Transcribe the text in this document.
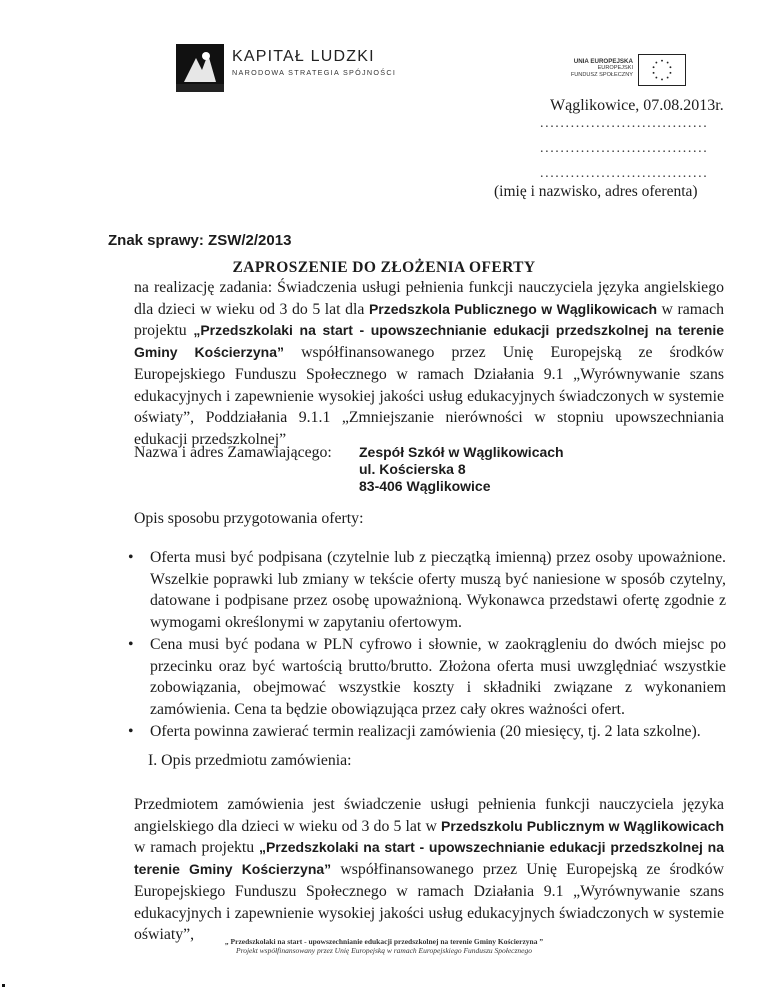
KAPITAŁ LUDZKI
NARODOWA STRATEGIA SPÓJNOŚCI
UNIA EUROPEJSKA
EUROPEJSKI
FUNDUSZ SPOŁECZNY
Wąglikowice, 07.08.2013r.
.................................
.................................
.................................
(imię i nazwisko, adres oferenta)
Znak sprawy: ZSW/2/2013
ZAPROSZENIE DO ZŁOŻENIA OFERTY
na realizację zadania: Świadczenia usługi pełnienia funkcji nauczyciela języka angielskiego dla dzieci w wieku od 3 do 5 lat dla Przedszkola Publicznego w Wąglikowicach w ramach projektu „Przedszkolaki na start - upowszechnianie edukacji przedszkolnej na terenie Gminy Kościerzyna” współfinansowanego przez Unię Europejską ze środków Europejskiego Funduszu Społecznego w ramach Działania 9.1 „Wyrównywanie szans edukacyjnych i zapewnienie wysokiej jakości usług edukacyjnych świadczonych w systemie oświaty”, Poddziałania 9.1.1 „Zmniejszanie nierówności w stopniu upowszechniania edukacji przedszkolnej”
Nazwa i adres Zamawiającego: Zespół Szkół w Wąglikowicach
ul. Kościerska 8
83-406 Wąglikowice
Opis sposobu przygotowania oferty:
• Oferta musi być podpisana (czytelnie lub z pieczątką imienną) przez osoby upoważnione. Wszelkie poprawki lub zmiany w tekście oferty muszą być naniesione w sposób czytelny, datowane i podpisane przez osobę upoważnioną. Wykonawca przedstawi ofertę zgodnie z wymogami określonymi w zapytaniu ofertowym.
• Cena musi być podana w PLN cyfrowo i słownie, w zaokrągleniu do dwóch miejsc po przecinku oraz być wartością brutto/brutto. Złożona oferta musi uwzględniać wszystkie zobowiązania, obejmować wszystkie koszty i składniki związane z wykonaniem zamówienia. Cena ta będzie obowiązująca przez cały okres ważności ofert.
• Oferta powinna zawierać termin realizacji zamówienia (20 miesięcy, tj. 2 lata szkolne).
I. Opis przedmiotu zamówienia:
Przedmiotem zamówienia jest świadczenie usługi pełnienia funkcji nauczyciela języka angielskiego dla dzieci w wieku od 3 do 5 lat w Przedszkolu Publicznym w Wąglikowicach w ramach projektu „Przedszkolaki na start - upowszechnianie edukacji przedszkolnej na terenie Gminy Kościerzyna” współfinansowanego przez Unię Europejską ze środków Europejskiego Funduszu Społecznego w ramach Działania 9.1 „Wyrównywanie szans edukacyjnych i zapewnienie wysokiej jakości usług edukacyjnych świadczonych w systemie oświaty”,	„ Przedszkolaki na start - upowszechnianie edukacji przedszkolnej na terenie Gminy Kościerzyna ”
Projekt współfinansowany przez Unię Europejską w ramach Europejskiego Funduszu Społecznego
